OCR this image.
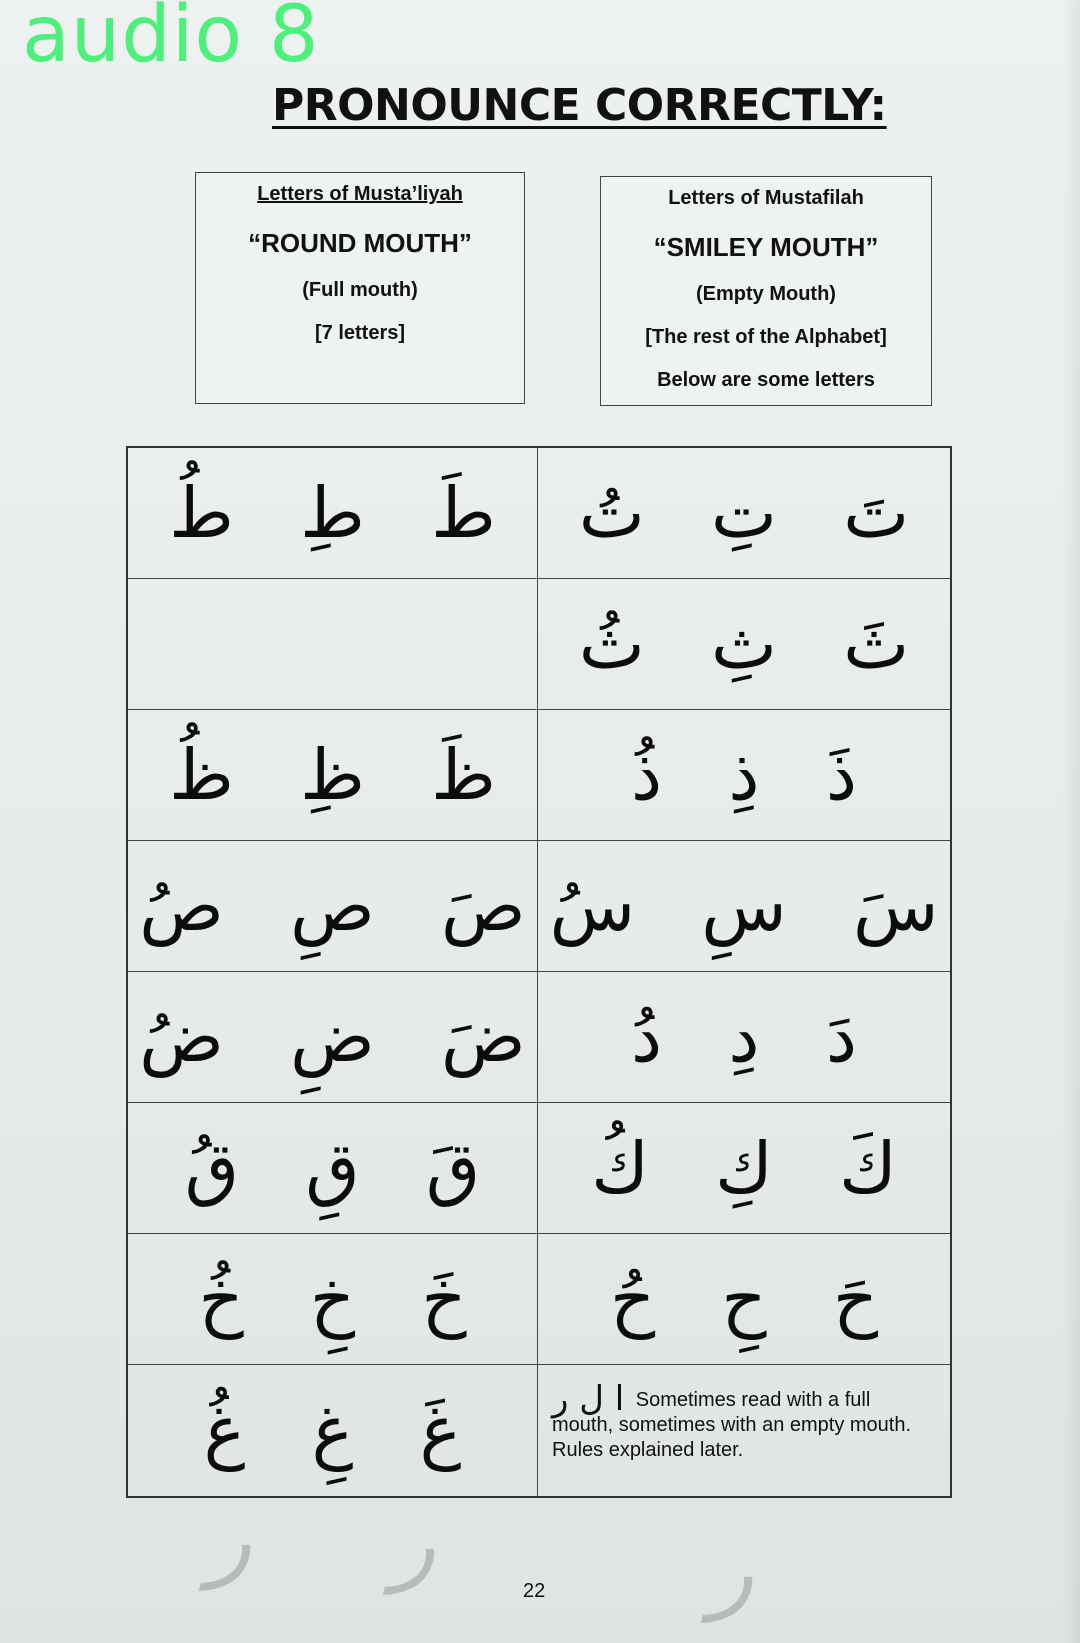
audio 8
PRONOUNCE CORRECTLY:
Letters of Musta’liyah
“ROUND MOUTH”
(Full mouth)
[7 letters]
Letters of Mustafilah
“SMILEY MOUTH”
(Empty Mouth)
[The rest of the Alphabet]
Below are some letters
طَ طِ طُ تَ تِ تُ
ثَ ثِ ثُ
ظَ ظِ ظُ ذَ ذِ ذُ
صَ صِ صُ سَ سِ سُ
ضَ ضِ ضُ دَ دِ دُ
قَ قِ قُ كَ كِ كُ
خَ خِ خُ حَ حِ حُ
غَ غِ غُ	ا ل ر Sometimes read with a full mouth, sometimes with an empty mouth. Rules explained later.
ر ر	ر
22
